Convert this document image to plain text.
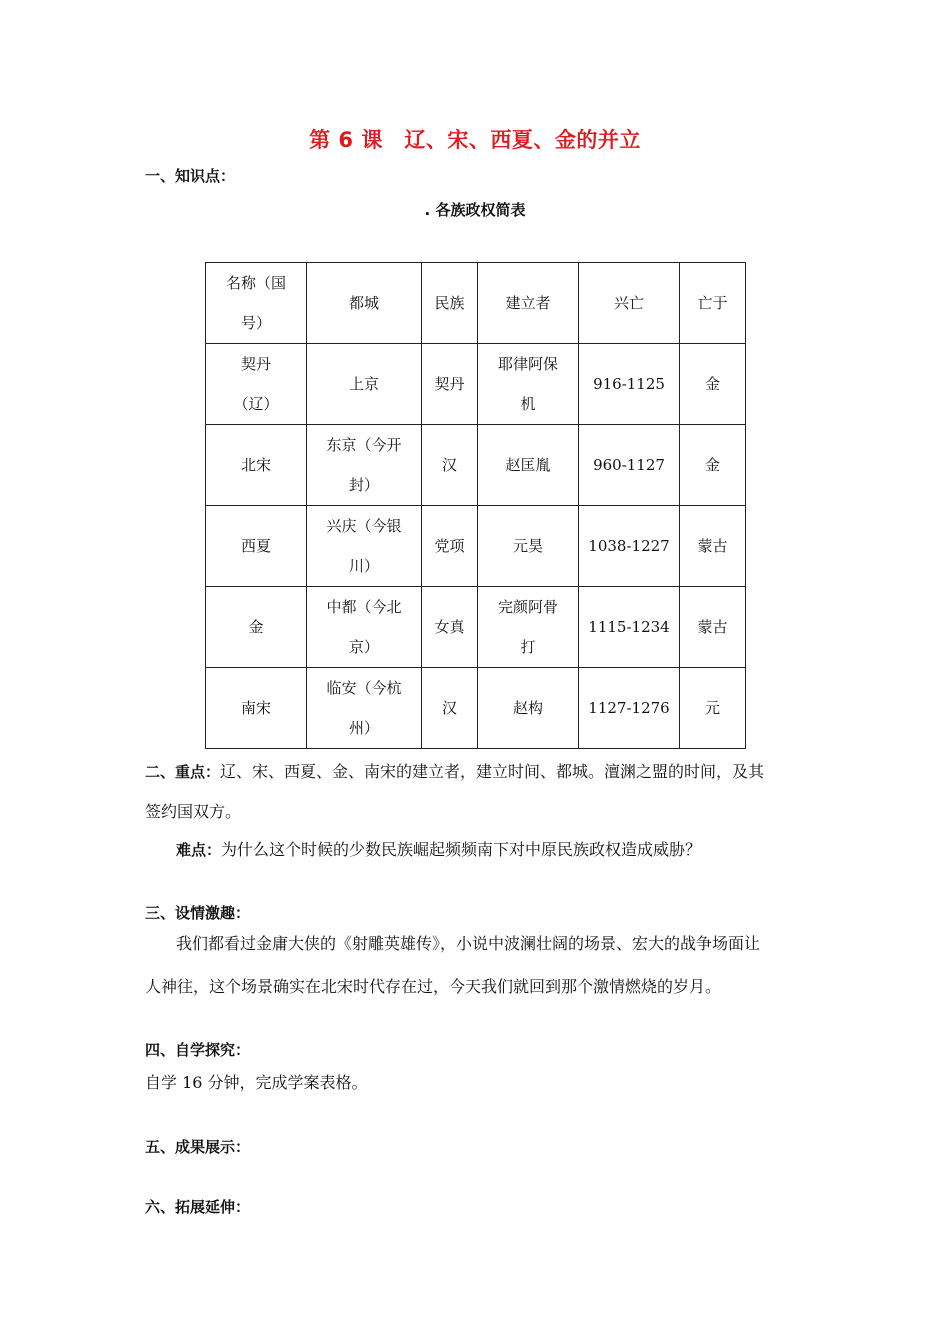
第 6 课　辽、宋、西夏、金的并立
一、知识点：
. 各族政权简表
名称（国号）	都城	民族	建立者	兴亡	亡于

契丹（辽）	上京	契丹	耶律阿保机	916-1125	金
北宋	东京（今开封）	汉	赵匡胤	960-1127	金
西夏	兴庆（今银川）	党项	元昊	1038-1227	蒙古
金	中都（今北京）	女真	完颜阿骨打	1115-1234	蒙古
南宋	临安（今杭州）	汉	赵构	1127-1276	元
二、重点：辽、宋、西夏、金、南宋的建立者，建立时间、都城。澶渊之盟的时间，及其
签约国双方。
难点：为什么这个时候的少数民族崛起频频南下对中原民族政权造成威胁？
三、设情激趣：
我们都看过金庸大侠的《射雕英雄传》，小说中波澜壮阔的场景、宏大的战争场面让
人神往，这个场景确实在北宋时代存在过，今天我们就回到那个激情燃烧的岁月。
四、自学探究：
自学 16 分钟，完成学案表格。
五、成果展示：
六、拓展延伸：
